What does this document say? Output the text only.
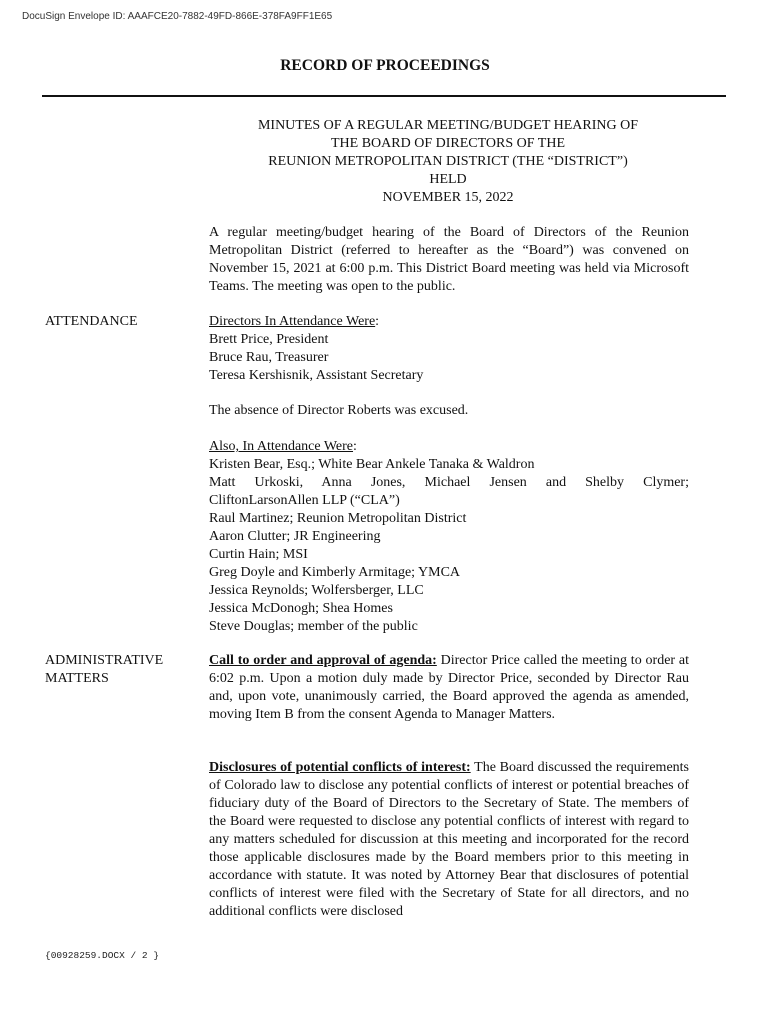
DocuSign Envelope ID: AAAFCE20-7882-49FD-866E-378FA9FF1E65
RECORD OF PROCEEDINGS
MINUTES OF A REGULAR MEETING/BUDGET HEARING OF
THE BOARD OF DIRECTORS OF THE
REUNION METROPOLITAN DISTRICT (THE “DISTRICT”)
HELD
NOVEMBER 15, 2022
A regular meeting/budget hearing of the Board of Directors of the Reunion Metropolitan District (referred to hereafter as the “Board”) was convened on November 15, 2021 at 6:00 p.m. This District Board meeting was held via Microsoft Teams. The meeting was open to the public.
ATTENDANCE	Directors In Attendance Were:
Brett Price, President
Bruce Rau, Treasurer
Teresa Kershisnik, Assistant Secretary
The absence of Director Roberts was excused.
Also, In Attendance Were:
Kristen Bear, Esq.; White Bear Ankele Tanaka & Waldron
Matt Urkoski, Anna Jones, Michael Jensen and Shelby Clymer;
CliftonLarsonAllen LLP (“CLA”)
Raul Martinez; Reunion Metropolitan District
Aaron Clutter; JR Engineering
Curtin Hain; MSI
Greg Doyle and Kimberly Armitage; YMCA
Jessica Reynolds; Wolfersberger, LLC
Jessica McDonogh; Shea Homes
Steve Douglas; member of the public
ADMINISTRATIVE
MATTERS
Call to order and approval of agenda: Director Price called the meeting to order at 6:02 p.m. Upon a motion duly made by Director Price, seconded by Director Rau and, upon vote, unanimously carried, the Board approved the agenda as amended, moving Item B from the consent Agenda to Manager Matters.
Disclosures of potential conflicts of interest: The Board discussed the requirements of Colorado law to disclose any potential conflicts of interest or potential breaches of fiduciary duty of the Board of Directors to the Secretary of State. The members of the Board were requested to disclose any potential conflicts of interest with regard to any matters scheduled for discussion at this meeting and incorporated for the record those applicable disclosures made by the Board members prior to this meeting in accordance with statute. It was noted by Attorney Bear that disclosures of potential conflicts of interest were filed with the Secretary of State for all directors, and no additional conflicts were disclosed
{00928259.DOCX / 2 }
